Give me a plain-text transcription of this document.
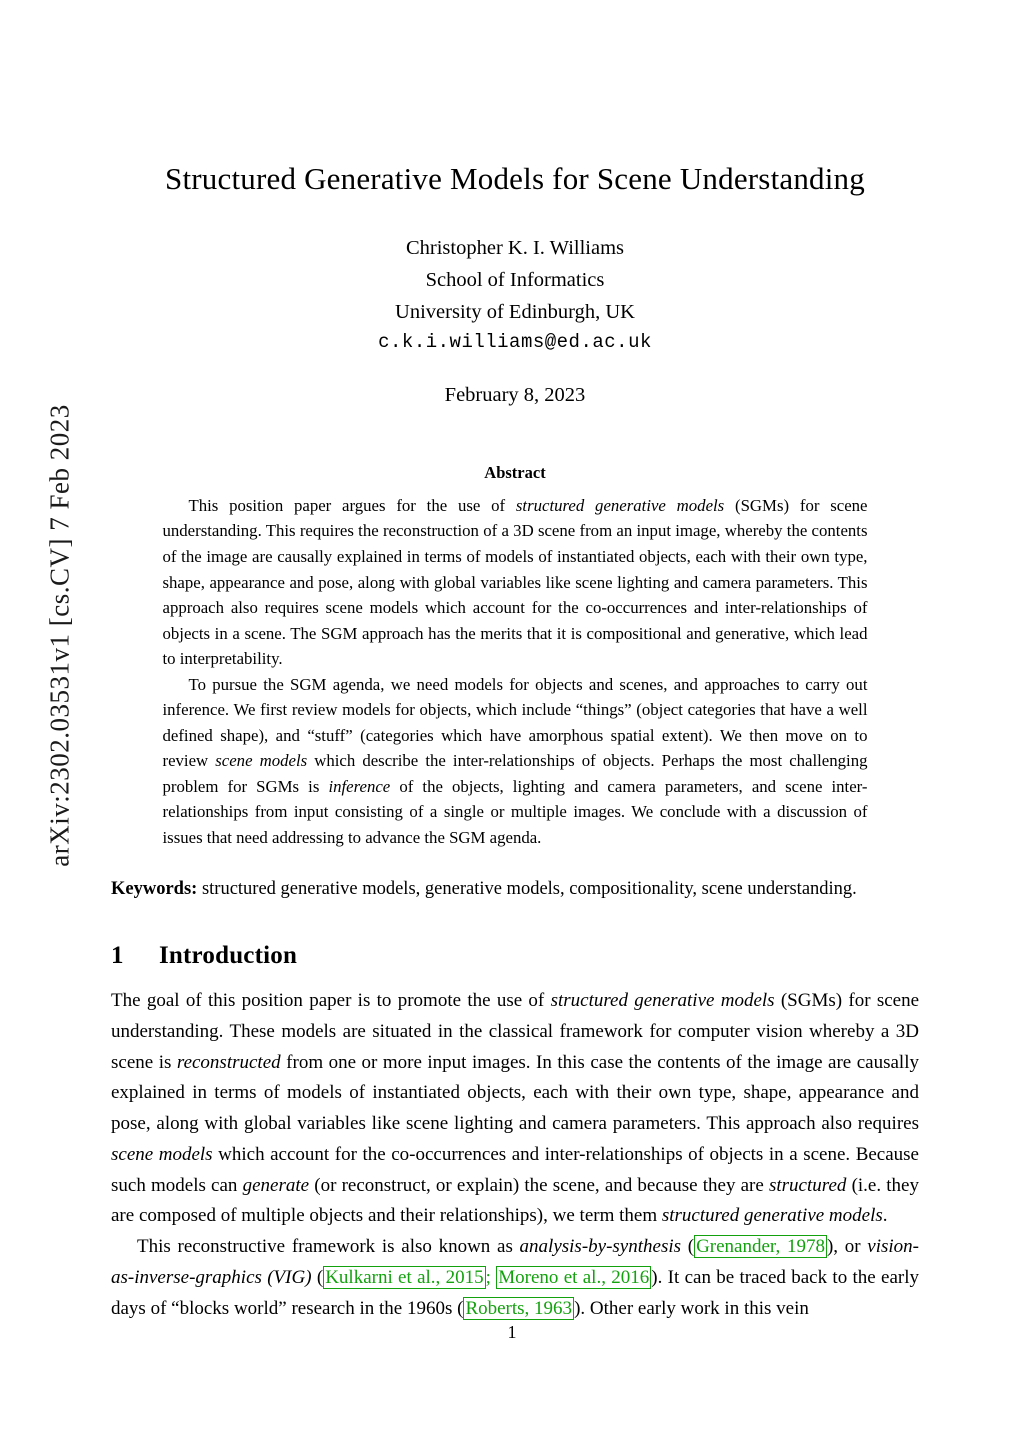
arXiv:2302.03531v1 [cs.CV] 7 Feb 2023
Structured Generative Models for Scene Understanding
Christopher K. I. Williams
School of Informatics
University of Edinburgh, UK
c.k.i.williams@ed.ac.uk
February 8, 2023
Abstract

This position paper argues for the use of structured generative models (SGMs) for scene understanding. This requires the reconstruction of a 3D scene from an input image, whereby the contents of the image are causally explained in terms of models of instantiated objects, each with their own type, shape, appearance and pose, along with global variables like scene lighting and camera parameters. This approach also requires scene models which account for the co-occurrences and inter-relationships of objects in a scene. The SGM approach has the merits that it is compositional and generative, which lead to interpretability.

To pursue the SGM agenda, we need models for objects and scenes, and approaches to carry out inference. We first review models for objects, which include “things” (object categories that have a well defined shape), and “stuff” (categories which have amorphous spatial extent). We then move on to review scene models which describe the inter-relationships of objects. Perhaps the most challenging problem for SGMs is inference of the objects, lighting and camera parameters, and scene inter-relationships from input consisting of a single or multiple images. We conclude with a discussion of issues that need addressing to advance the SGM agenda.

Keywords: structured generative models, generative models, compositionality, scene understanding.
1 Introduction

The goal of this position paper is to promote the use of structured generative models (SGMs) for scene understanding. These models are situated in the classical framework for computer vision whereby a 3D scene is reconstructed from one or more input images. In this case the contents of the image are causally explained in terms of models of instantiated objects, each with their own type, shape, appearance and pose, along with global variables like scene lighting and camera parameters. This approach also requires scene models which account for the co-occurrences and inter-relationships of objects in a scene. Because such models can generate (or reconstruct, or explain) the scene, and because they are structured (i.e. they are composed of multiple objects and their relationships), we term them structured generative models.

This reconstructive framework is also known as analysis-by-synthesis ( Grenander, 1978 ), or vision-as-inverse-graphics (VIG) ( Kulkarni et al., 2015 ; Moreno et al., 2016 ). It can be traced back to the early days of “blocks world” research in the 1960s ( Roberts, 1963 ). Other early work in this vein

1
